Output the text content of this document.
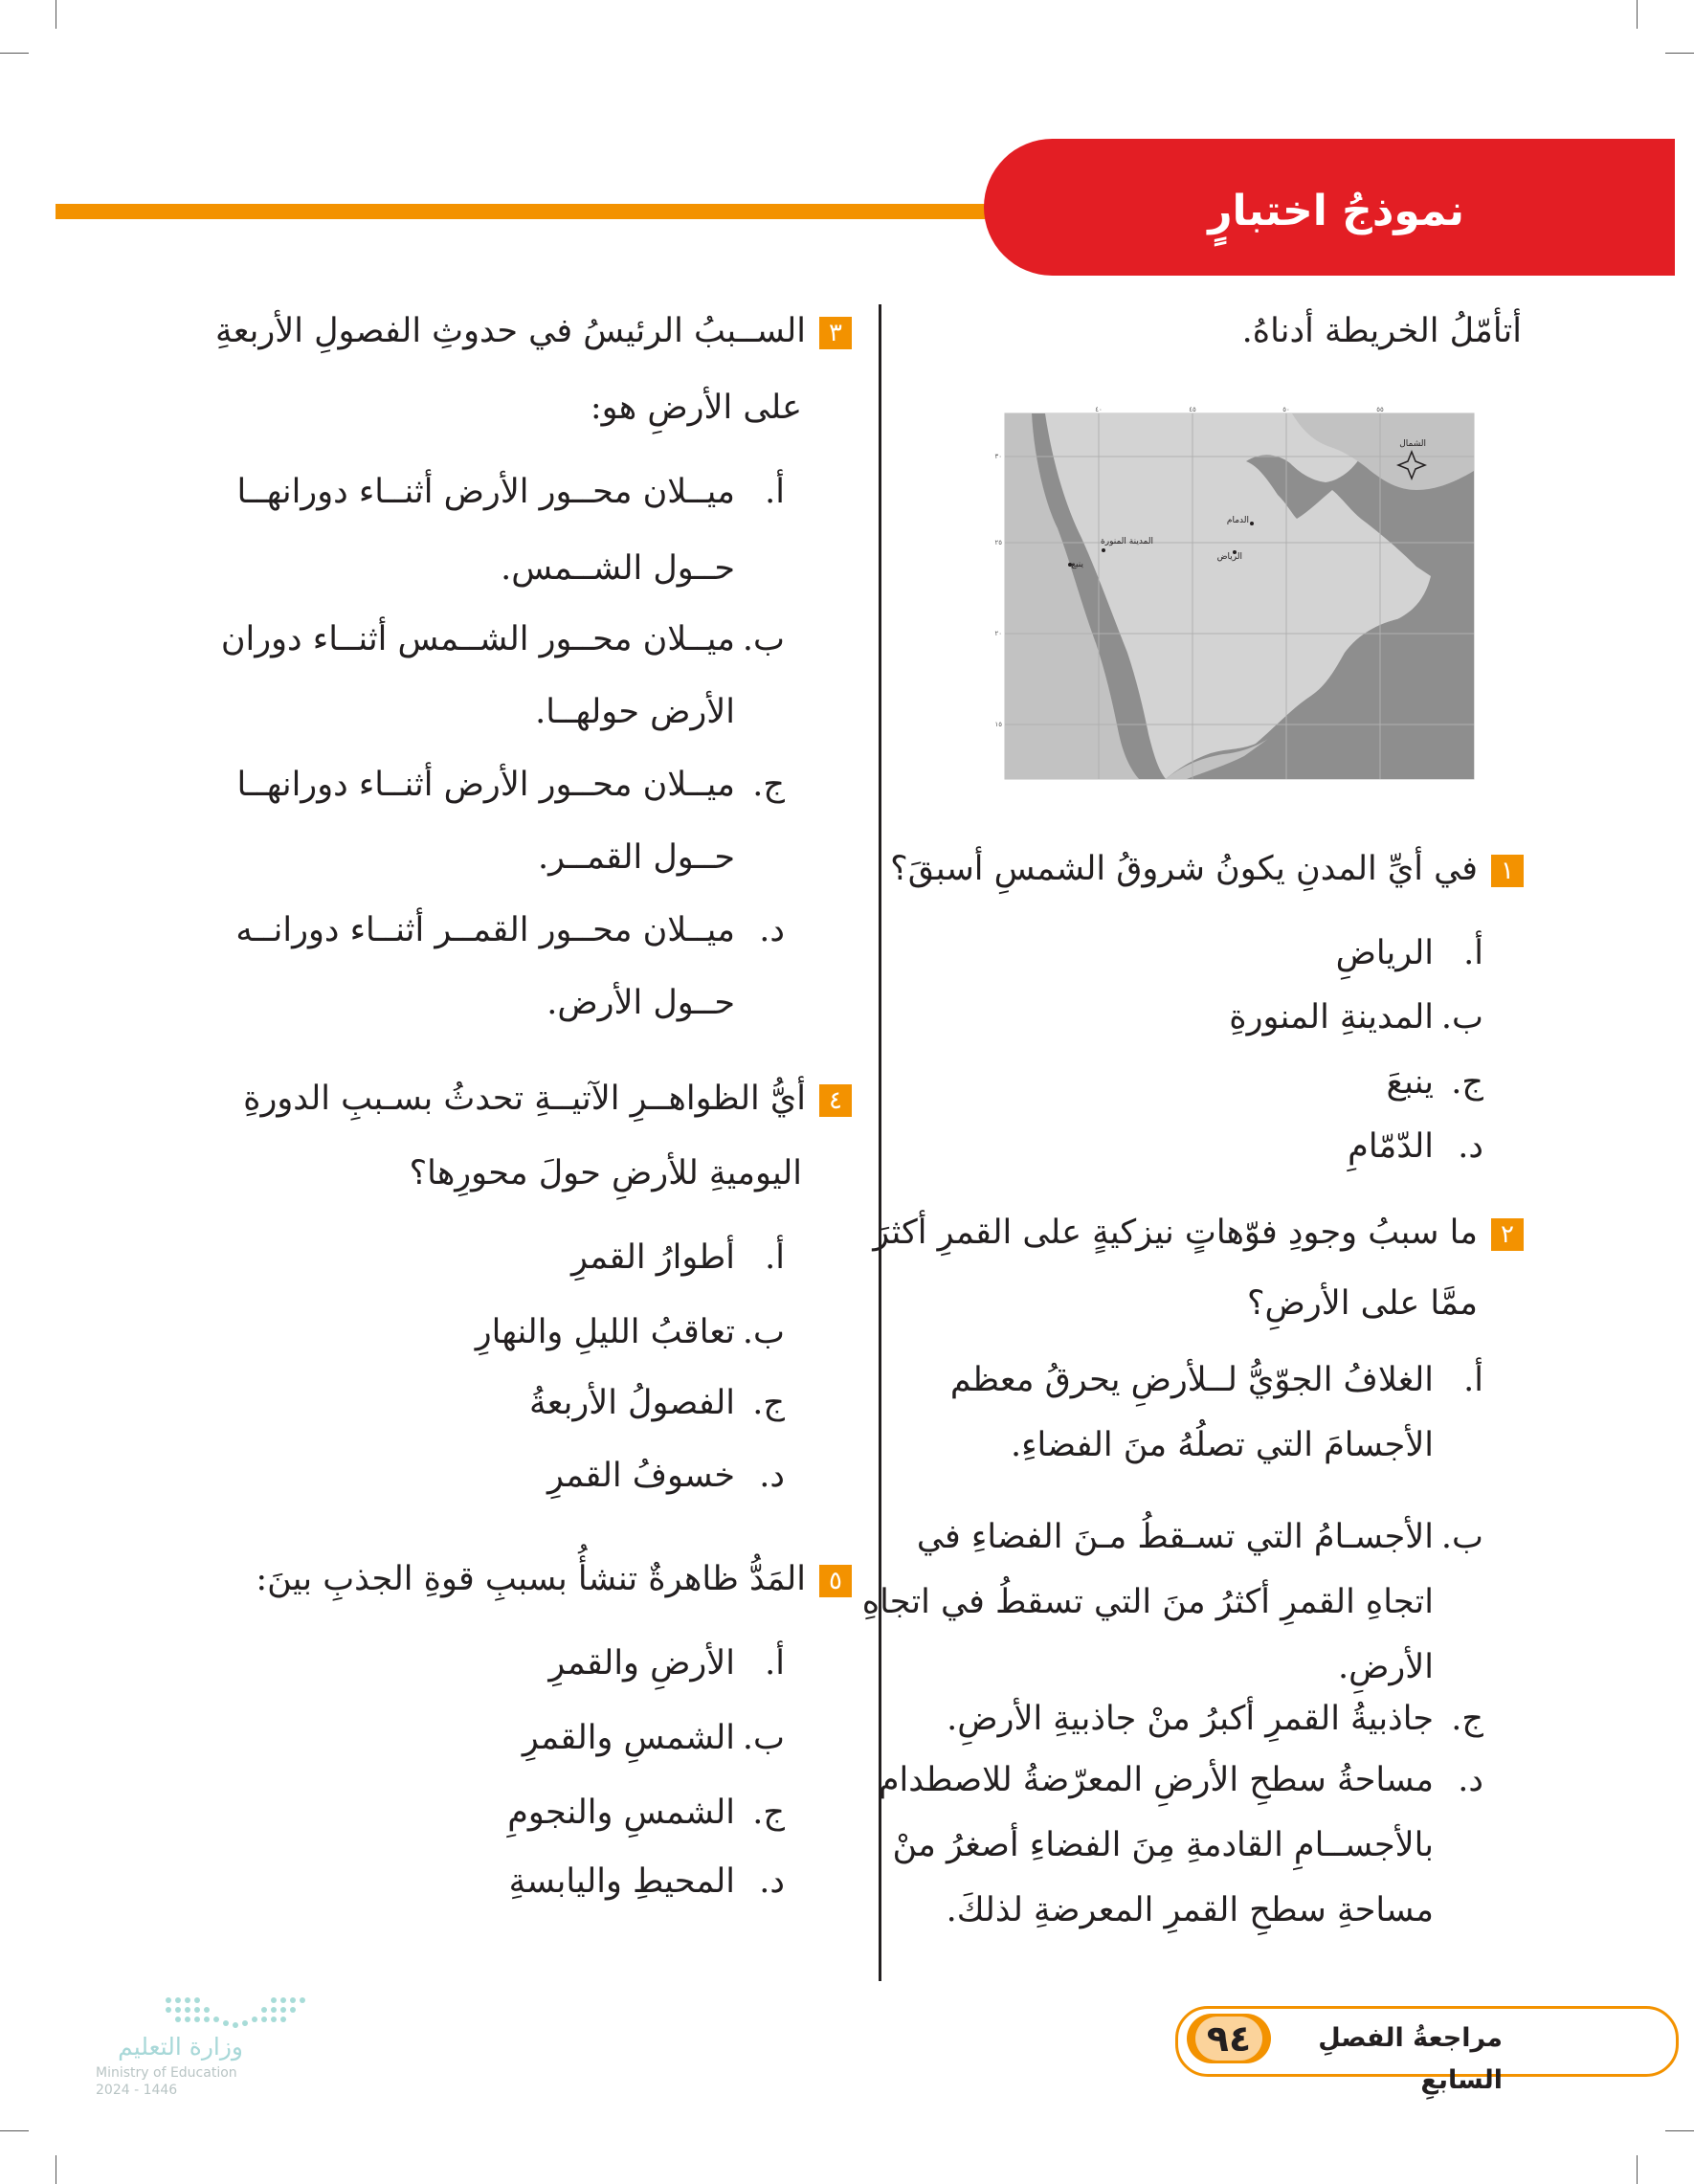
نموذجُ اختبارٍ
أتأمّلُ الخريطة أدناهُ.
الشمال
الدمام
الرياض
المدينة المنورة
ينبع
٤٠	٤٥	٥٠	٥٥
٣٠
٢٥
٢٠
١٥
١في أيِّ المدنِ يكونُ شروقُ الشمسِ أسبقَ؟
أ.الرياضِ
ب.المدينةِ المنورةِ
ج.ينبعَ
د.الدّمّامِ
٢ما سببُ وجودِ فوّهاتٍ نيزكيةٍ على القمرِ أكثرَ
ممَّا على الأرضِ؟
أ.الغلافُ الجوّيُّ لــلأرضِ يحرقُ معظم
الأجسامَ التي تصلُهُ منَ الفضاءِ.
ب.الأجسـامُ التي تسـقطُ مـنَ الفضاءِ في
اتجاهِ القمرِ أكثرُ منَ التي تسقطُ في اتجاهِ
الأرضِ.
ج.جاذبيةُ القمرِ أكبرُ منْ جاذبيةِ الأرضِ.
د.مساحةُ سطحِ الأرضِ المعرّضةُ للاصطدام
بالأجســامِ القادمةِ مِنَ الفضاءِ أصغرُ منْ
مساحةِ سطحِ القمرِ المعرضةِ لذلكَ.
٣الســببُ الرئيسُ في حدوثِ الفصولِ الأربعةِ
على الأرضِ هو:
أ.ميــلان محــور الأرض أثنــاء دورانهــا
حــول الشــمس.
ب.ميــلان محــور الشــمس أثنــاء دوران
الأرض حولهــا.
ج.ميــلان محــور الأرض أثنــاء دورانهــا
حــول القمــر.
د.ميــلان محــور القمــر أثنــاء دورانــه
حــول الأرض.
٤أيُّ الظواهــرِ الآتيــةِ تحدثُ بسـببِ الدورةِ
اليوميةِ للأرضِ حولَ محورِها؟
أ.أطوارُ القمرِ
ب.تعاقبُ الليلِ والنهارِ
ج.الفصولُ الأربعةُ
د.خسوفُ القمرِ
٥المَدُّ ظاهرةٌ تنشأُ بسببِ قوةِ الجذبِ بينَ:
أ.الأرضِ والقمرِ
ب.الشمسِ والقمرِ
ج.الشمسِ والنجومِ
د.المحيطِ واليابسةِ
٩٤	مراجعةُ الفصلِ السابعِ
وزارة التعليم
Ministry of Education
2024 - 1446
